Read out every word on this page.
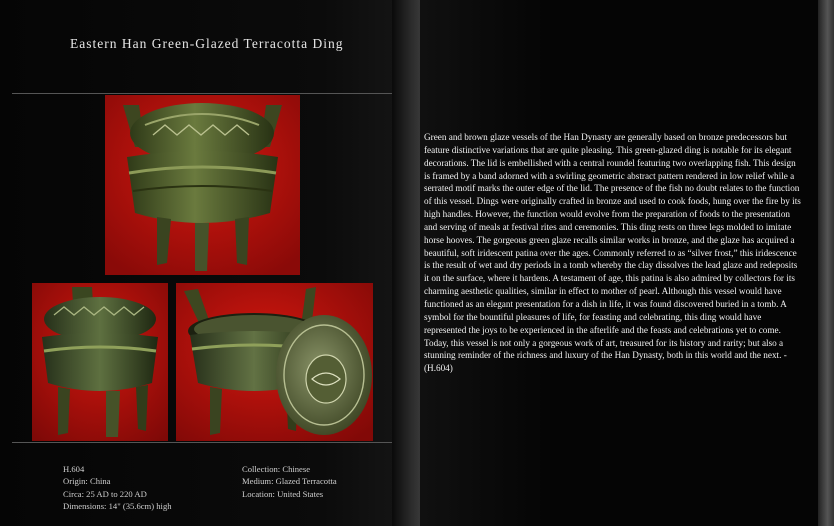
Eastern Han Green-Glazed Terracotta Ding
Green and brown glaze vessels of the Han Dynasty are generally based on bronze predecessors but feature distinctive variations that are quite pleasing. This green-glazed ding is notable for its elegant decorations. The lid is embellished with a central roundel featuring two overlapping fish. This design is framed by a band adorned with a swirling geometric abstract pattern rendered in low relief while a serrated motif marks the outer edge of the lid. The presence of the fish no doubt relates to the function of this vessel. Dings were originally crafted in bronze and used to cook foods, hung over the fire by its high handles. However, the function would evolve from the preparation of foods to the presentation and serving of meals at festival rites and ceremonies. This ding rests on three legs molded to imitate horse hooves. The gorgeous green glaze recalls similar works in bronze, and the glaze has acquired a beautiful, soft iridescent patina over the ages. Commonly referred to as “silver frost,” this iridescence is the result of wet and dry periods in a tomb whereby the clay dissolves the lead glaze and redeposits it on the surface, where it hardens. A testament of age, this patina is also admired by collectors for its charming aesthetic qualities, similar in effect to mother of pearl. Although this vessel would have functioned as an elegant presentation for a dish in life, it was found discovered buried in a tomb. A symbol for the bountiful pleasures of life, for feasting and celebrating, this ding would have represented the joys to be experienced in the afterlife and the feasts and celebrations yet to come. Today, this vessel is not only a gorgeous work of art, treasured for its history and rarity; but also a stunning reminder of the richness and luxury of the Han Dynasty, both in this world and the next. - (H.604)
H.604
Origin: China
Circa: 25 AD to 220 AD
Dimensions: 14" (35.6cm) high
Collection: Chinese
Medium: Glazed Terracotta
Location: United States
